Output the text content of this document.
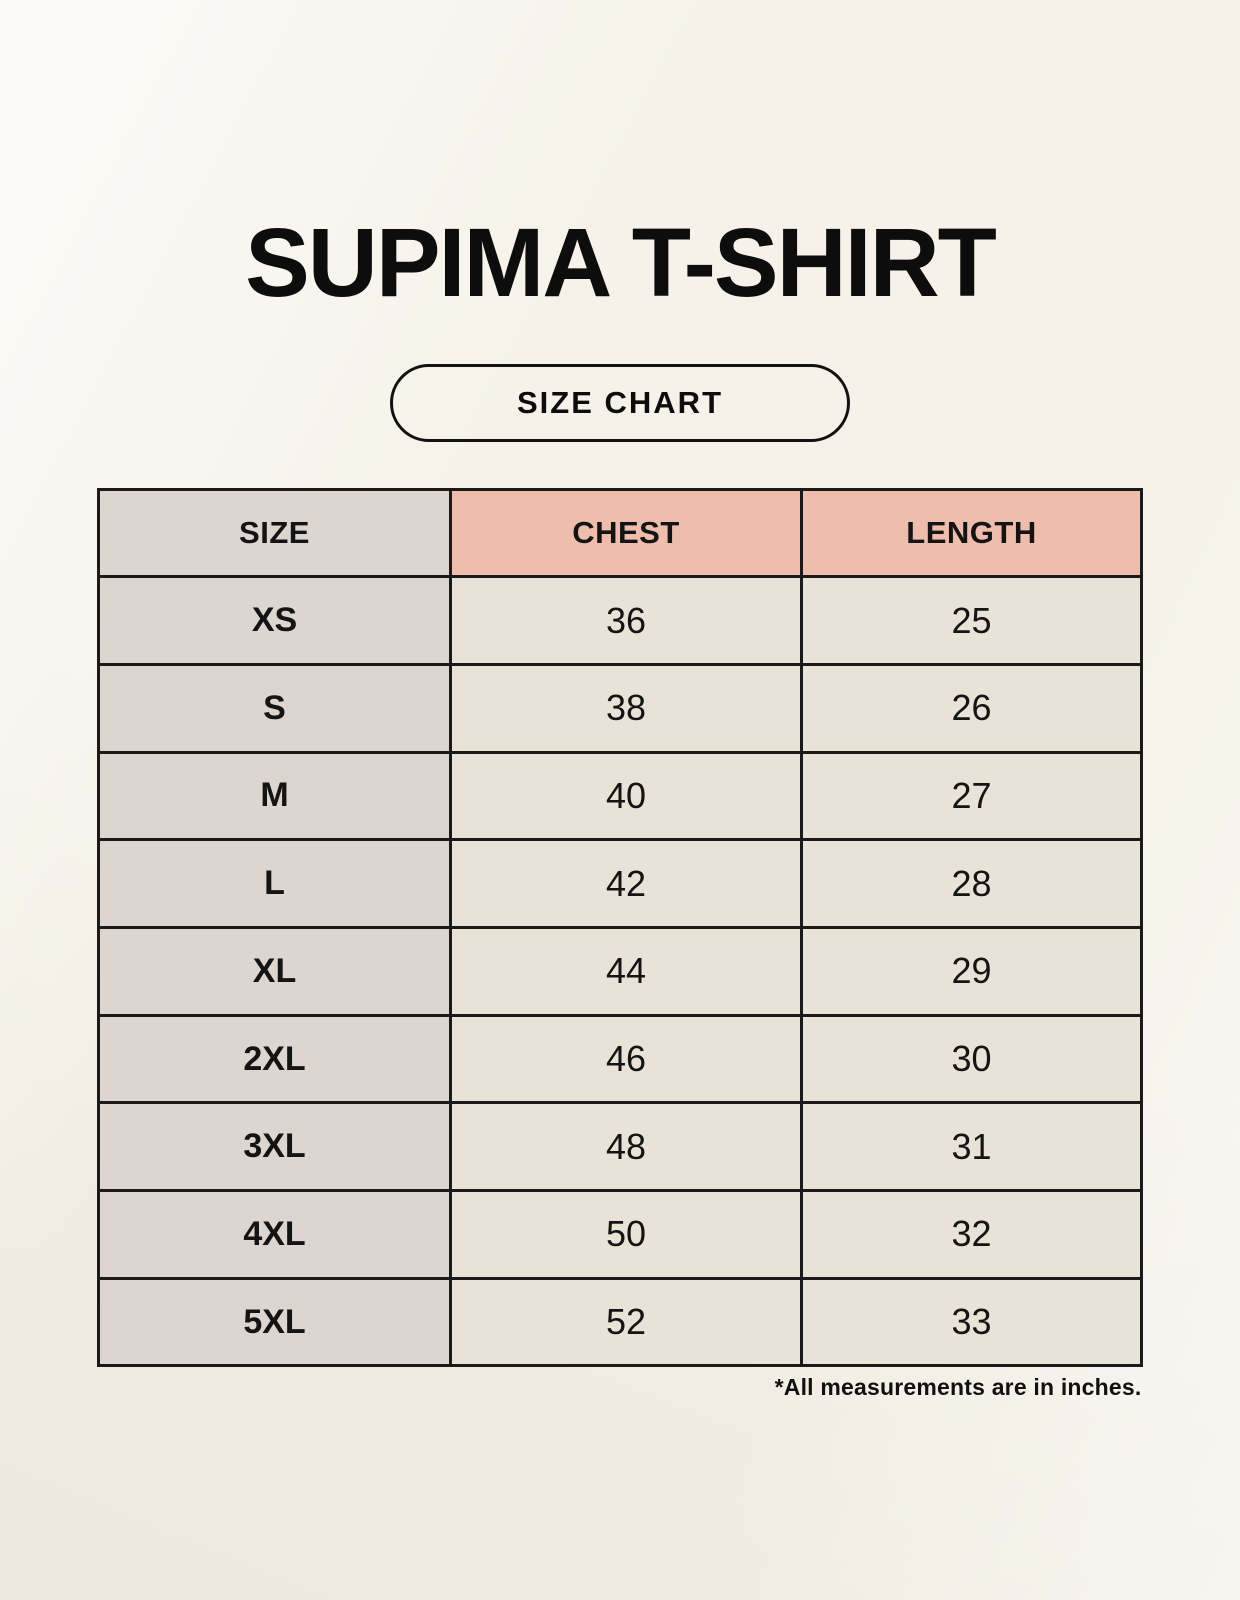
SUPIMA T-SHIRT
SIZE CHART
SIZE	CHEST	LENGTH
XS	36	25
S	38	26
M	40	27
L	42	28
XL	44	29
2XL	46	30
3XL	48	31
4XL	50	32
5XL	52	33

*All measurements are in inches.
